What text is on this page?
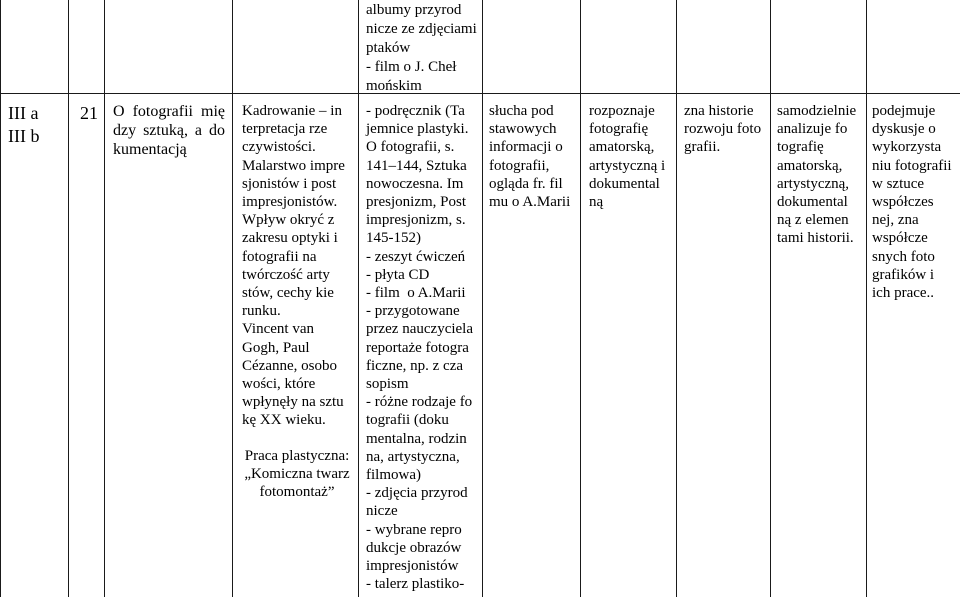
albumy przyrod
nicze ze zdjęciami
ptaków
- film o J. Cheł
mońskim
III a
III b
21 O fotografii mię
dzy sztuką, a do
kumentacją
Kadrowanie – in
terpretacja rze
czywistości.
Malarstwo impre
sjonistów i post
impresjonistów.
Wpływ okryć z
zakresu optyki i
fotografii na
twórczość arty
stów, cechy kie
runku.
Vincent van
Gogh, Paul
Cézanne, osobo
wości, które
wpłynęły na sztu
kę XX wieku.
Praca plastyczna:
„Komiczna twarz
fotomontaż”
- podręcznik (Ta
jemnice plastyki.
O fotografii, s.
141–144, Sztuka
nowoczesna. Im
presjonizm, Post
impresjonizm, s.
145-152)
- zeszyt ćwiczeń
- płyta CD
- film  o A.Marii
- przygotowane
przez nauczyciela
reportaże fotogra
ficzne, np. z cza
sopism
- różne rodzaje fo
tografii (doku
mentalna, rodzin
na, artystyczna,
filmowa)
- zdjęcia przyrod
nicze
- wybrane repro
dukcje obrazów
impresjonistów
- talerz plastiko-
słucha pod
stawowych
informacji o
fotografii,
ogląda fr. fil
mu o A.Marii
rozpoznaje
fotografię
amatorską,
artystyczną i
dokumental
ną
zna historie
rozwoju foto
grafii.
samodzielnie
analizuje fo
tografię
amatorską,
artystyczną,
dokumental
ną z elemen
tami historii.
podejmuje
dyskusje o
wykorzysta
niu fotografii
w sztuce
współczes
nej, zna
współcze
snych foto
grafików i
ich prace..
